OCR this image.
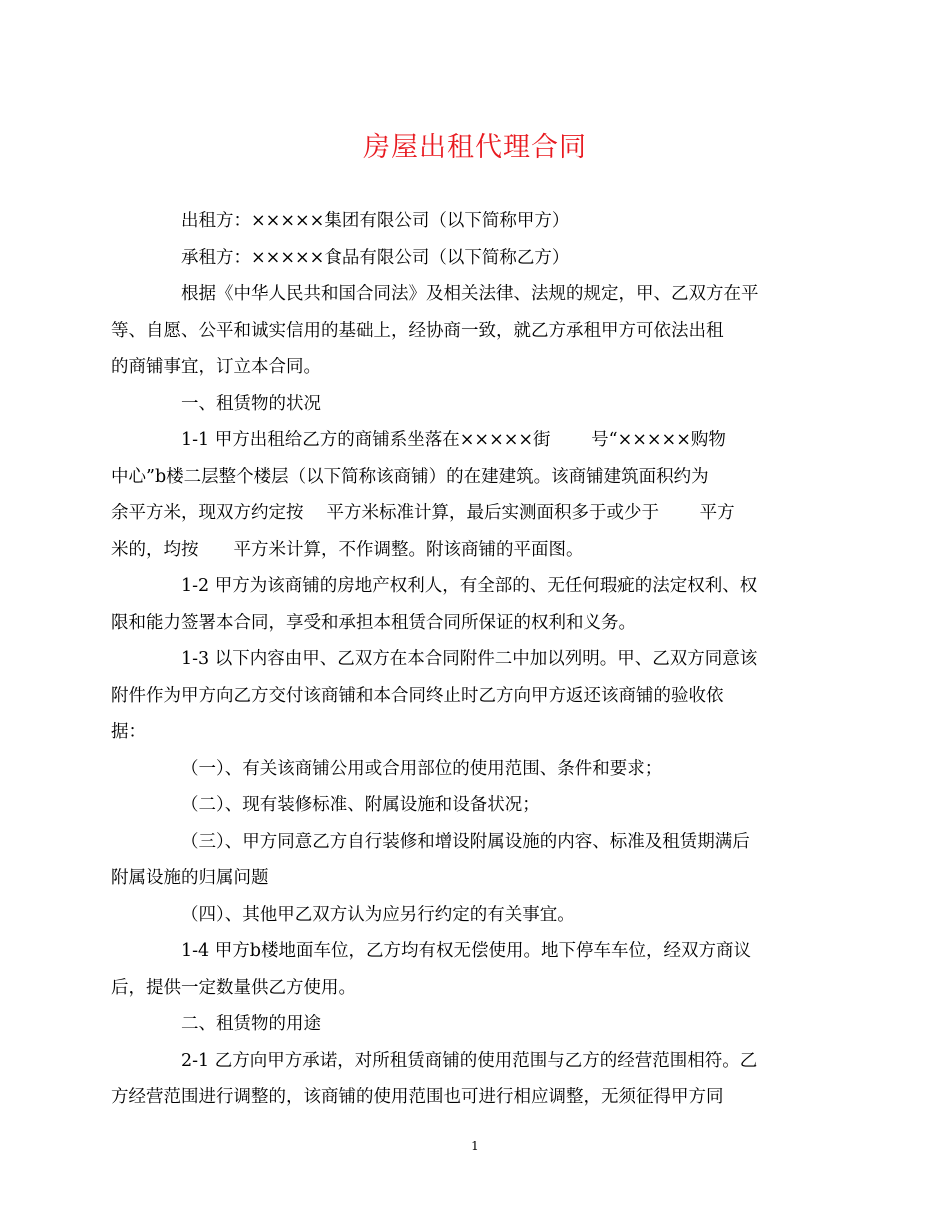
房屋出租代理合同
出租方：×××××集团有限公司（以下简称甲方）
承租方：×××××食品有限公司（以下简称乙方）
根据《中华人民共和国合同法》及相关法律、法规的规定，甲、乙双方在平
等、自愿、公平和诚实信用的基础上，经协商一致，就乙方承租甲方可依法出租
的商铺事宜，订立本合同。
一、租赁物的状况
1-1 甲方出租给乙方的商铺系坐落在×××××街　　 号“×××××购物
中心”b楼二层整个楼层（以下简称该商铺）的在建建筑。该商铺建筑面积约为
余平方米，现双方约定按　 平方米标准计算，最后实测面积多于或少于　　 平方
米的，均按　　平方米计算，不作调整。附该商铺的平面图。
1-2 甲方为该商铺的房地产权利人，有全部的、无任何瑕疵的法定权利、权
限和能力签署本合同，享受和承担本租赁合同所保证的权利和义务。
1-3 以下内容由甲、乙双方在本合同附件二中加以列明。甲、乙双方同意该
附件作为甲方向乙方交付该商铺和本合同终止时乙方向甲方返还该商铺的验收依
据：
（一）、有关该商铺公用或合用部位的使用范围、条件和要求；
（二）、现有装修标准、附属设施和设备状况；
（三）、甲方同意乙方自行装修和增设附属设施的内容、标准及租赁期满后
附属设施的归属问题
（四）、其他甲乙双方认为应另行约定的有关事宜。
1-4 甲方b楼地面车位，乙方均有权无偿使用。地下停车车位，经双方商议
后，提供一定数量供乙方使用。
二、租赁物的用途
2-1 乙方向甲方承诺，对所租赁商铺的使用范围与乙方的经营范围相符。乙
方经营范围进行调整的，该商铺的使用范围也可进行相应调整，无须征得甲方同
1
